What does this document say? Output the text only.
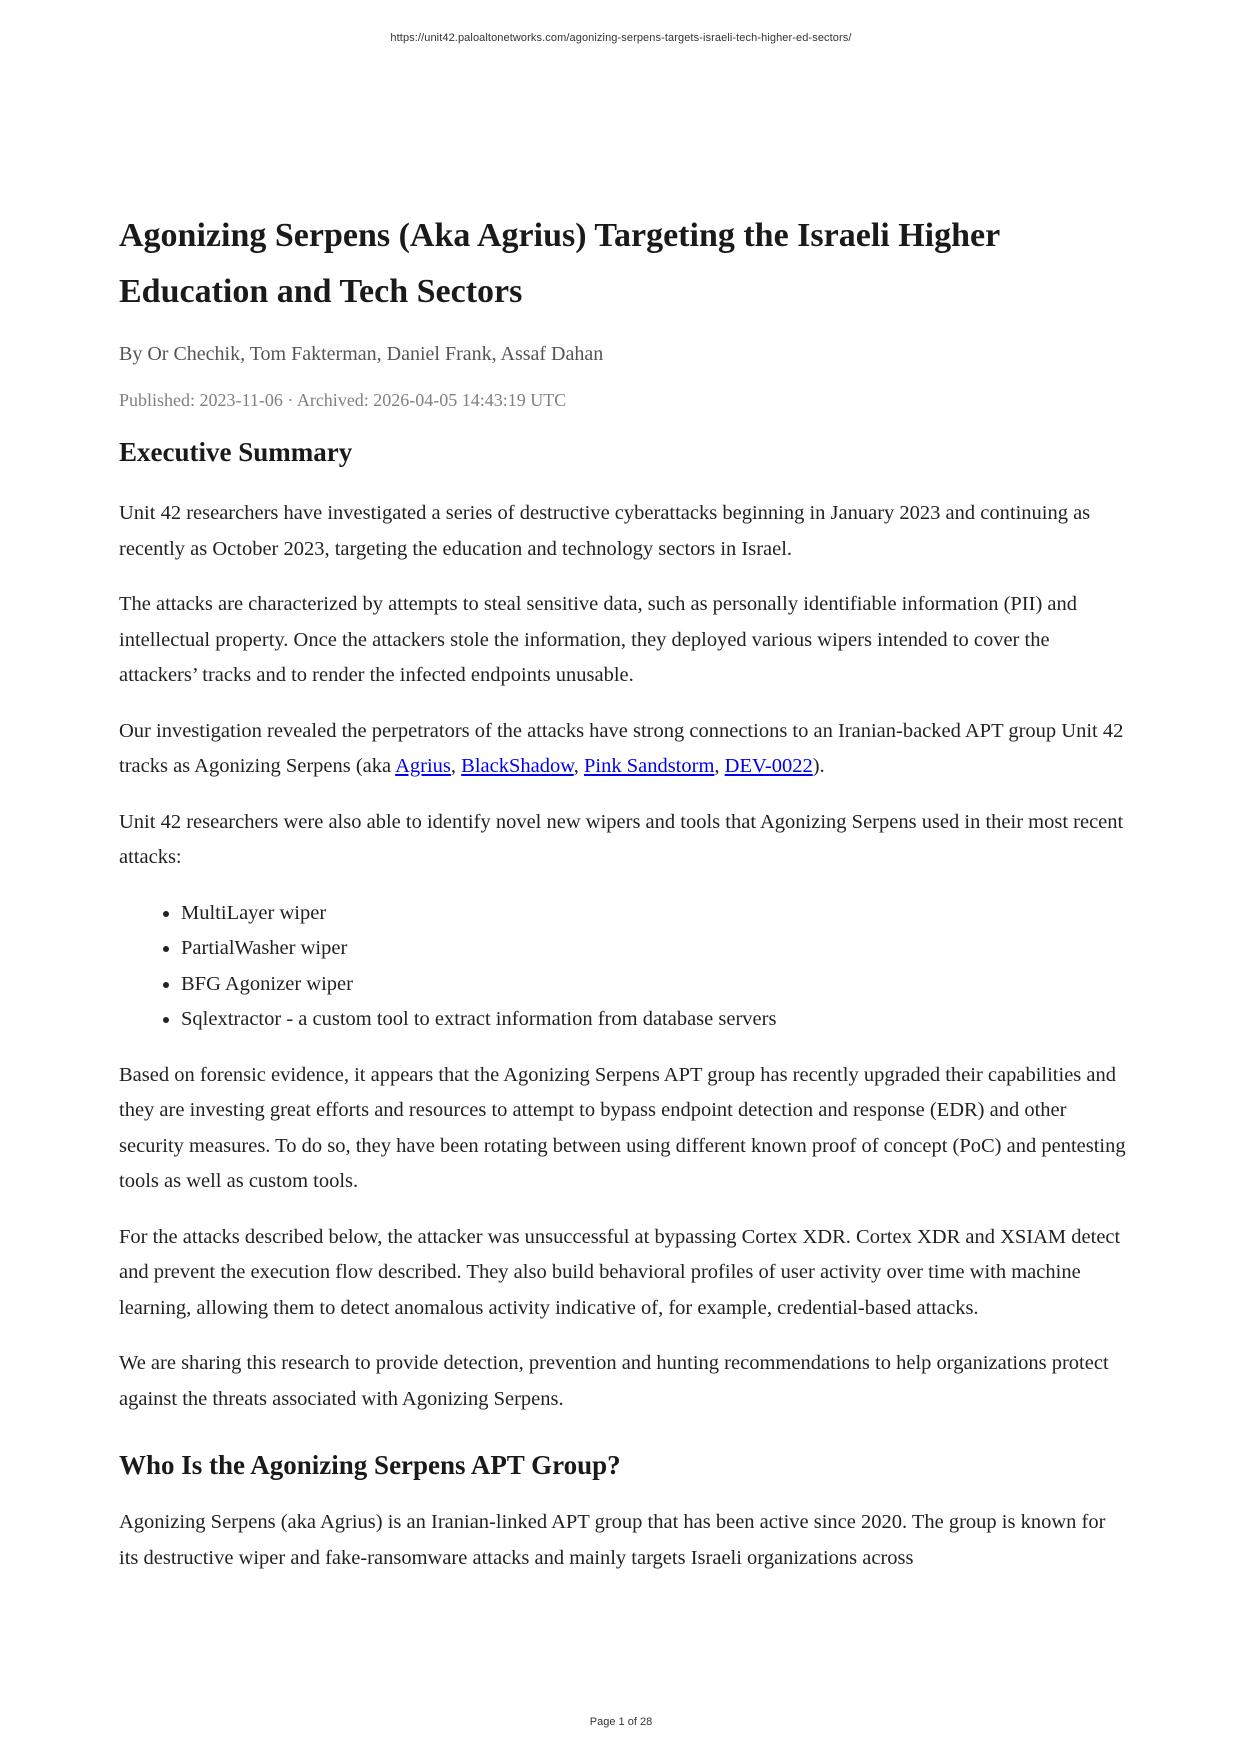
https://unit42.paloaltonetworks.com/agonizing-serpens-targets-israeli-tech-higher-ed-sectors/
Agonizing Serpens (Aka Agrius) Targeting the Israeli Higher Education and Tech Sectors
By Or Chechik, Tom Fakterman, Daniel Frank, Assaf Dahan
Published: 2023-11-06 · Archived: 2026-04-05 14:43:19 UTC
Executive Summary

Unit 42 researchers have investigated a series of destructive cyberattacks beginning in January 2023 and continuing as recently as October 2023, targeting the education and technology sectors in Israel.

The attacks are characterized by attempts to steal sensitive data, such as personally identifiable information (PII) and intellectual property. Once the attackers stole the information, they deployed various wipers intended to cover the attackers’ tracks and to render the infected endpoints unusable.

Our investigation revealed the perpetrators of the attacks have strong connections to an Iranian-backed APT group Unit 42 tracks as Agonizing Serpens (aka Agrius, BlackShadow, Pink Sandstorm, DEV-0022).

Unit 42 researchers were also able to identify novel new wipers and tools that Agonizing Serpens used in their most recent attacks:

• MultiLayer wiper
• PartialWasher wiper
• BFG Agonizer wiper
• Sqlextractor - a custom tool to extract information from database servers

Based on forensic evidence, it appears that the Agonizing Serpens APT group has recently upgraded their capabilities and they are investing great efforts and resources to attempt to bypass endpoint detection and response (EDR) and other security measures. To do so, they have been rotating between using different known proof of concept (PoC) and pentesting tools as well as custom tools.

For the attacks described below, the attacker was unsuccessful at bypassing Cortex XDR. Cortex XDR and XSIAM detect and prevent the execution flow described. They also build behavioral profiles of user activity over time with machine learning, allowing them to detect anomalous activity indicative of, for example, credential-based attacks.

We are sharing this research to provide detection, prevention and hunting recommendations to help organizations protect against the threats associated with Agonizing Serpens.

Who Is the Agonizing Serpens APT Group?

Agonizing Serpens (aka Agrius) is an Iranian-linked APT group that has been active since 2020. The group is known for its destructive wiper and fake-ransomware attacks and mainly targets Israeli organizations across

Page 1 of 28
